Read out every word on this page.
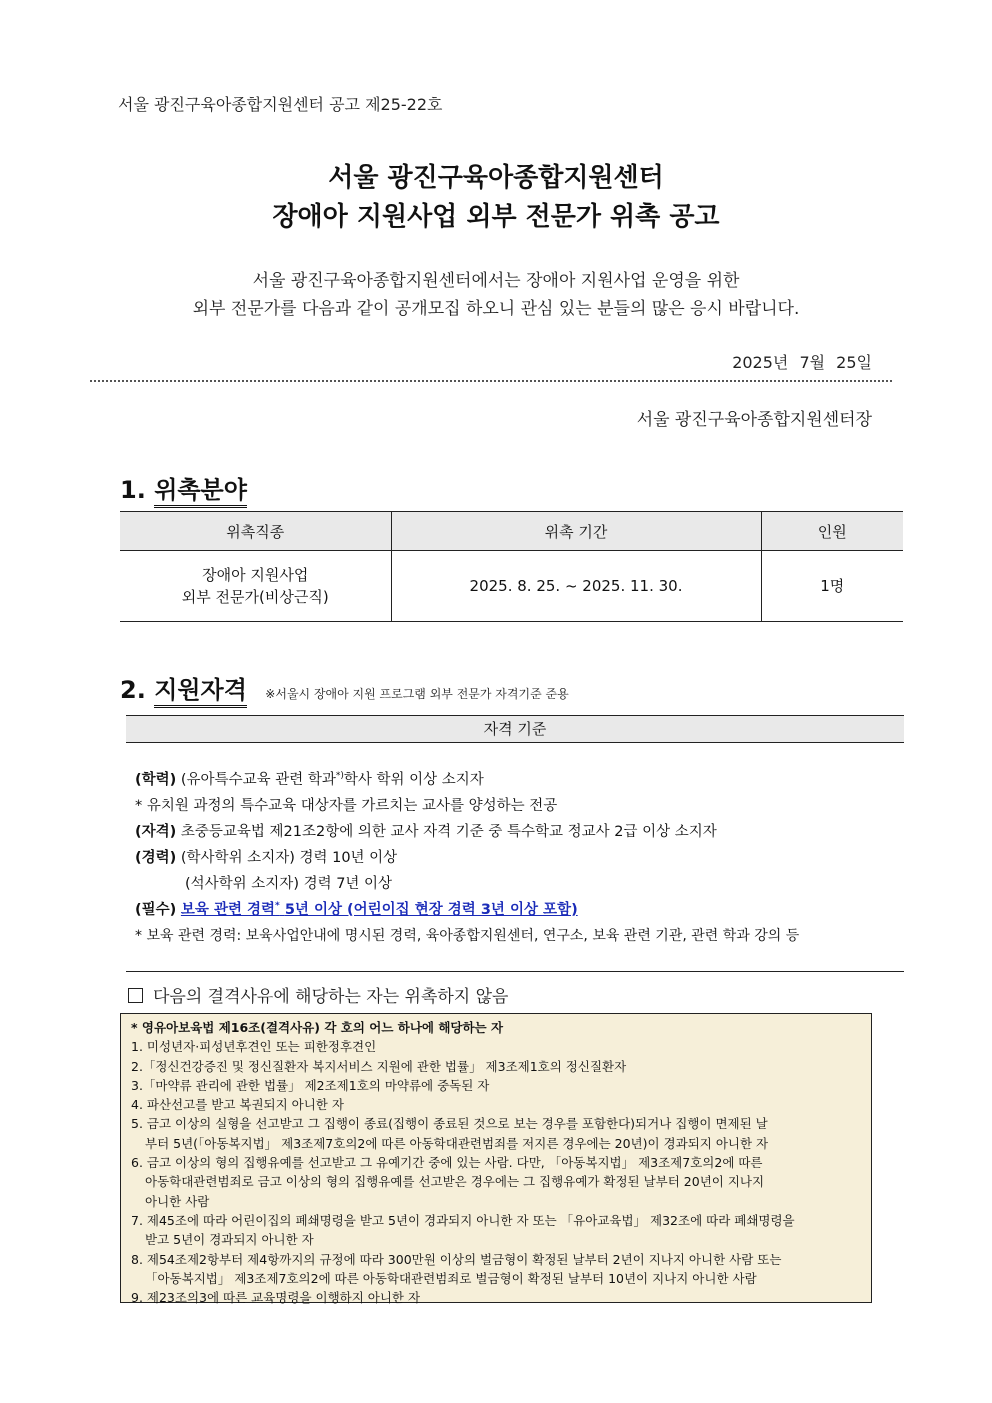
서울 광진구육아종합지원센터 공고 제25-22호
서울 광진구육아종합지원센터
장애아 지원사업 외부 전문가 위촉 공고
서울 광진구육아종합지원센터에서는 장애아 지원사업 운영을 위한
외부 전문가를 다음과 같이 공개모집 하오니 관심 있는 분들의 많은 응시 바랍니다.
2025년 7월 25일
서울 광진구육아종합지원센터장
1. 위촉분야
위촉직종	위촉 기간	인원

장애아 지원사업
외부 전문가(비상근직)	2025. 8. 25. ~ 2025. 11. 30.	1명
2. 지원자격 ※서울시 장애아 지원 프로그램 외부 전문가 자격기준 준용
자격 기준
(학력) (유아특수교육 관련 학과*)학사 학위 이상 소지자
* 유치원 과정의 특수교육 대상자를 가르치는 교사를 양성하는 전공
(자격) 초중등교육법 제21조2항에 의한 교사 자격 기준 중 특수학교 정교사 2급 이상 소지자
(경력) (학사학위 소지자) 경력 10년 이상
(석사학위 소지자) 경력 7년 이상
(필수) 보육 관련 경력* 5년 이상 (어린이집 현장 경력 3년 이상 포함)
* 보육 관련 경력: 보육사업안내에 명시된 경력, 육아종합지원센터, 연구소, 보육 관련 기관, 관련 학과 강의 등
다음의 결격사유에 해당하는 자는 위촉하지 않음
* 영유아보육법 제16조(결격사유) 각 호의 어느 하나에 해당하는 자
1. 미성년자·피성년후견인 또는 피한정후견인
2.「정신건강증진 및 정신질환자 복지서비스 지원에 관한 법률」 제3조제1호의 정신질환자
3.「마약류 관리에 관한 법률」 제2조제1호의 마약류에 중독된 자
4. 파산선고를 받고 복권되지 아니한 자
5. 금고 이상의 실형을 선고받고 그 집행이 종료(집행이 종료된 것으로 보는 경우를 포함한다)되거나 집행이 면제된 날
부터 5년(「아동복지법」 제3조제7호의2에 따른 아동학대관련범죄를 저지른 경우에는 20년)이 경과되지 아니한 자
6. 금고 이상의 형의 집행유예를 선고받고 그 유예기간 중에 있는 사람. 다만, 「아동복지법」 제3조제7호의2에 따른
아동학대관련범죄로 금고 이상의 형의 집행유예를 선고받은 경우에는 그 집행유예가 확정된 날부터 20년이 지나지
아니한 사람
7. 제45조에 따라 어린이집의 폐쇄명령을 받고 5년이 경과되지 아니한 자 또는 「유아교육법」 제32조에 따라 폐쇄명령을
받고 5년이 경과되지 아니한 자
8. 제54조제2항부터 제4항까지의 규정에 따라 300만원 이상의 벌금형이 확정된 날부터 2년이 지나지 아니한 사람 또는
「아동복지법」 제3조제7호의2에 따른 아동학대관련범죄로 벌금형이 확정된 날부터 10년이 지나지 아니한 사람
9. 제23조의3에 따른 교육명령을 이행하지 아니한 자
